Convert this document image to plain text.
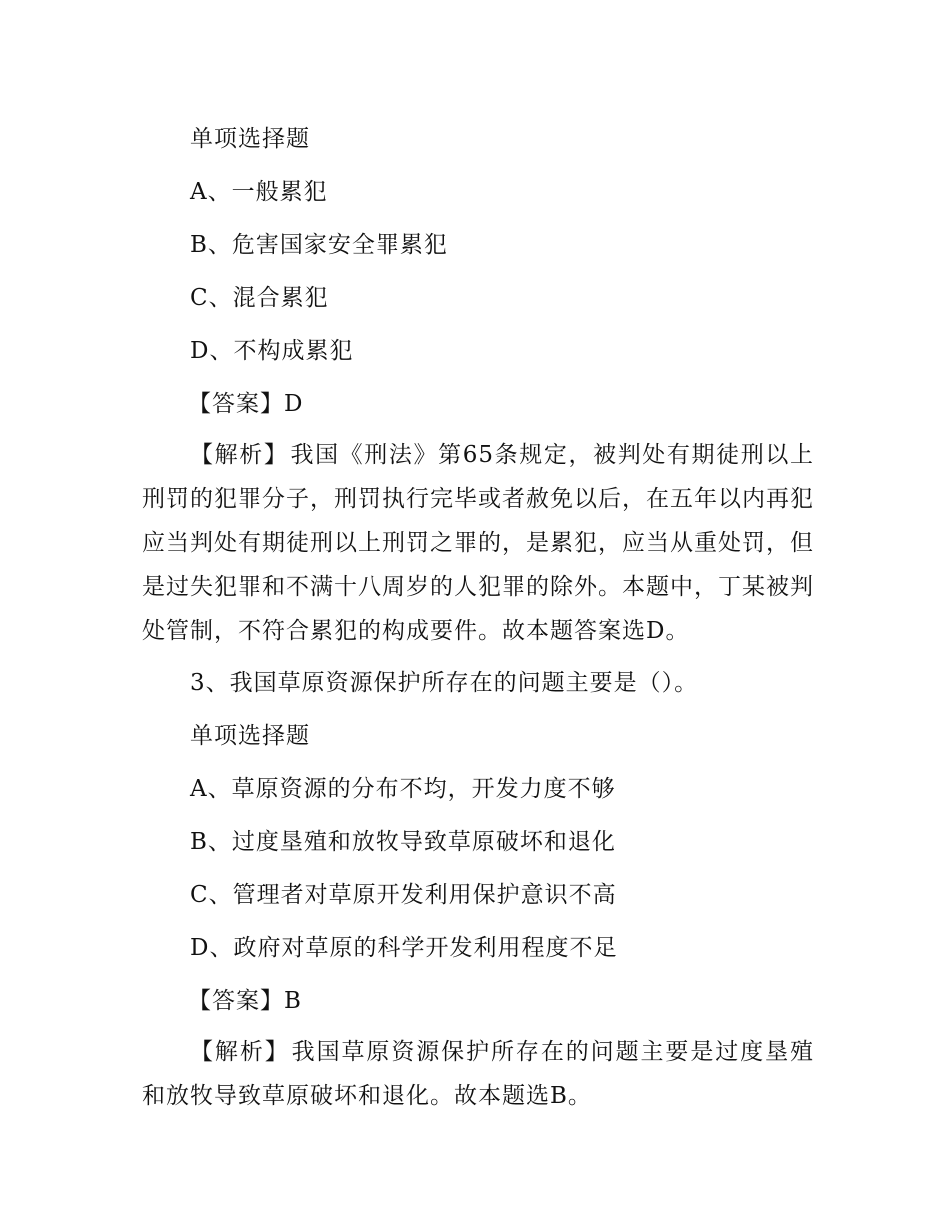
单项选择题
A、一般累犯
B、危害国家安全罪累犯
C、混合累犯
D、不构成累犯
【答案】D
【解析】我国《刑法》第65条规定，被判处有期徒刑以上刑罚的犯罪分子，刑罚执行完毕或者赦免以后，在五年以内再犯应当判处有期徒刑以上刑罚之罪的，是累犯，应当从重处罚，但是过失犯罪和不满十八周岁的人犯罪的除外。本题中，丁某被判处管制，不符合累犯的构成要件。故本题答案选D。
3、我国草原资源保护所存在的问题主要是（）。
单项选择题
A、草原资源的分布不均，开发力度不够
B、过度垦殖和放牧导致草原破坏和退化
C、管理者对草原开发利用保护意识不高
D、政府对草原的科学开发利用程度不足
【答案】B
【解析】我国草原资源保护所存在的问题主要是过度垦殖和放牧导致草原破坏和退化。故本题选B。
